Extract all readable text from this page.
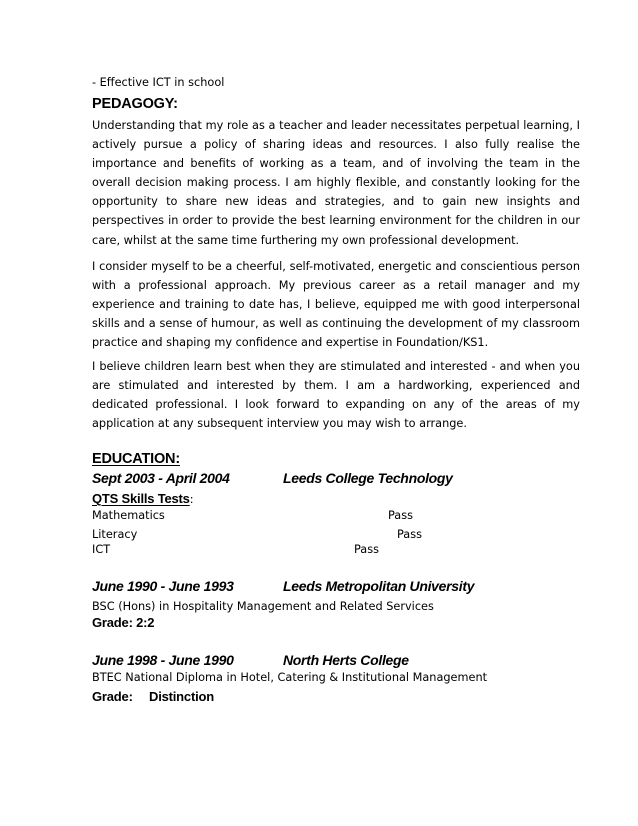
- Effective ICT in school
PEDAGOGY:
Understanding that my role as a teacher and leader necessitates perpetual learning, I actively pursue a policy of sharing ideas and resources. I also fully realise the importance and benefits of working as a team, and of involving the team in the overall decision making process. I am highly flexible, and constantly looking for the opportunity to share new ideas and strategies, and to gain new insights and perspectives in order to provide the best learning environment for the children in our care, whilst at the same time furthering my own professional development.
I consider myself to be a cheerful, self-motivated, energetic and conscientious person with a professional approach. My previous career as a retail manager and my experience and training to date has, I believe, equipped me with good interpersonal skills and a sense of humour, as well as continuing the development of my classroom practice and shaping my confidence and expertise in Foundation/KS1.
I believe children learn best when they are stimulated and interested - and when you are stimulated and interested by them. I am a hardworking, experienced and dedicated professional. I look forward to expanding on any of the areas of my application at any subsequent interview you may wish to arrange.
EDUCATION:
Sept 2003 - April 2004	Leeds College Technology
QTS Skills Tests:
Mathematics	Pass
Literacy	Pass
ICT	Pass
June 1990 - June 1993	Leeds Metropolitan University
BSC (Hons) in Hospitality Management and Related Services
Grade: 2:2
June 1998 - June 1990	North Herts College
BTEC National Diploma in Hotel, Catering & Institutional Management
Grade: Distinction
